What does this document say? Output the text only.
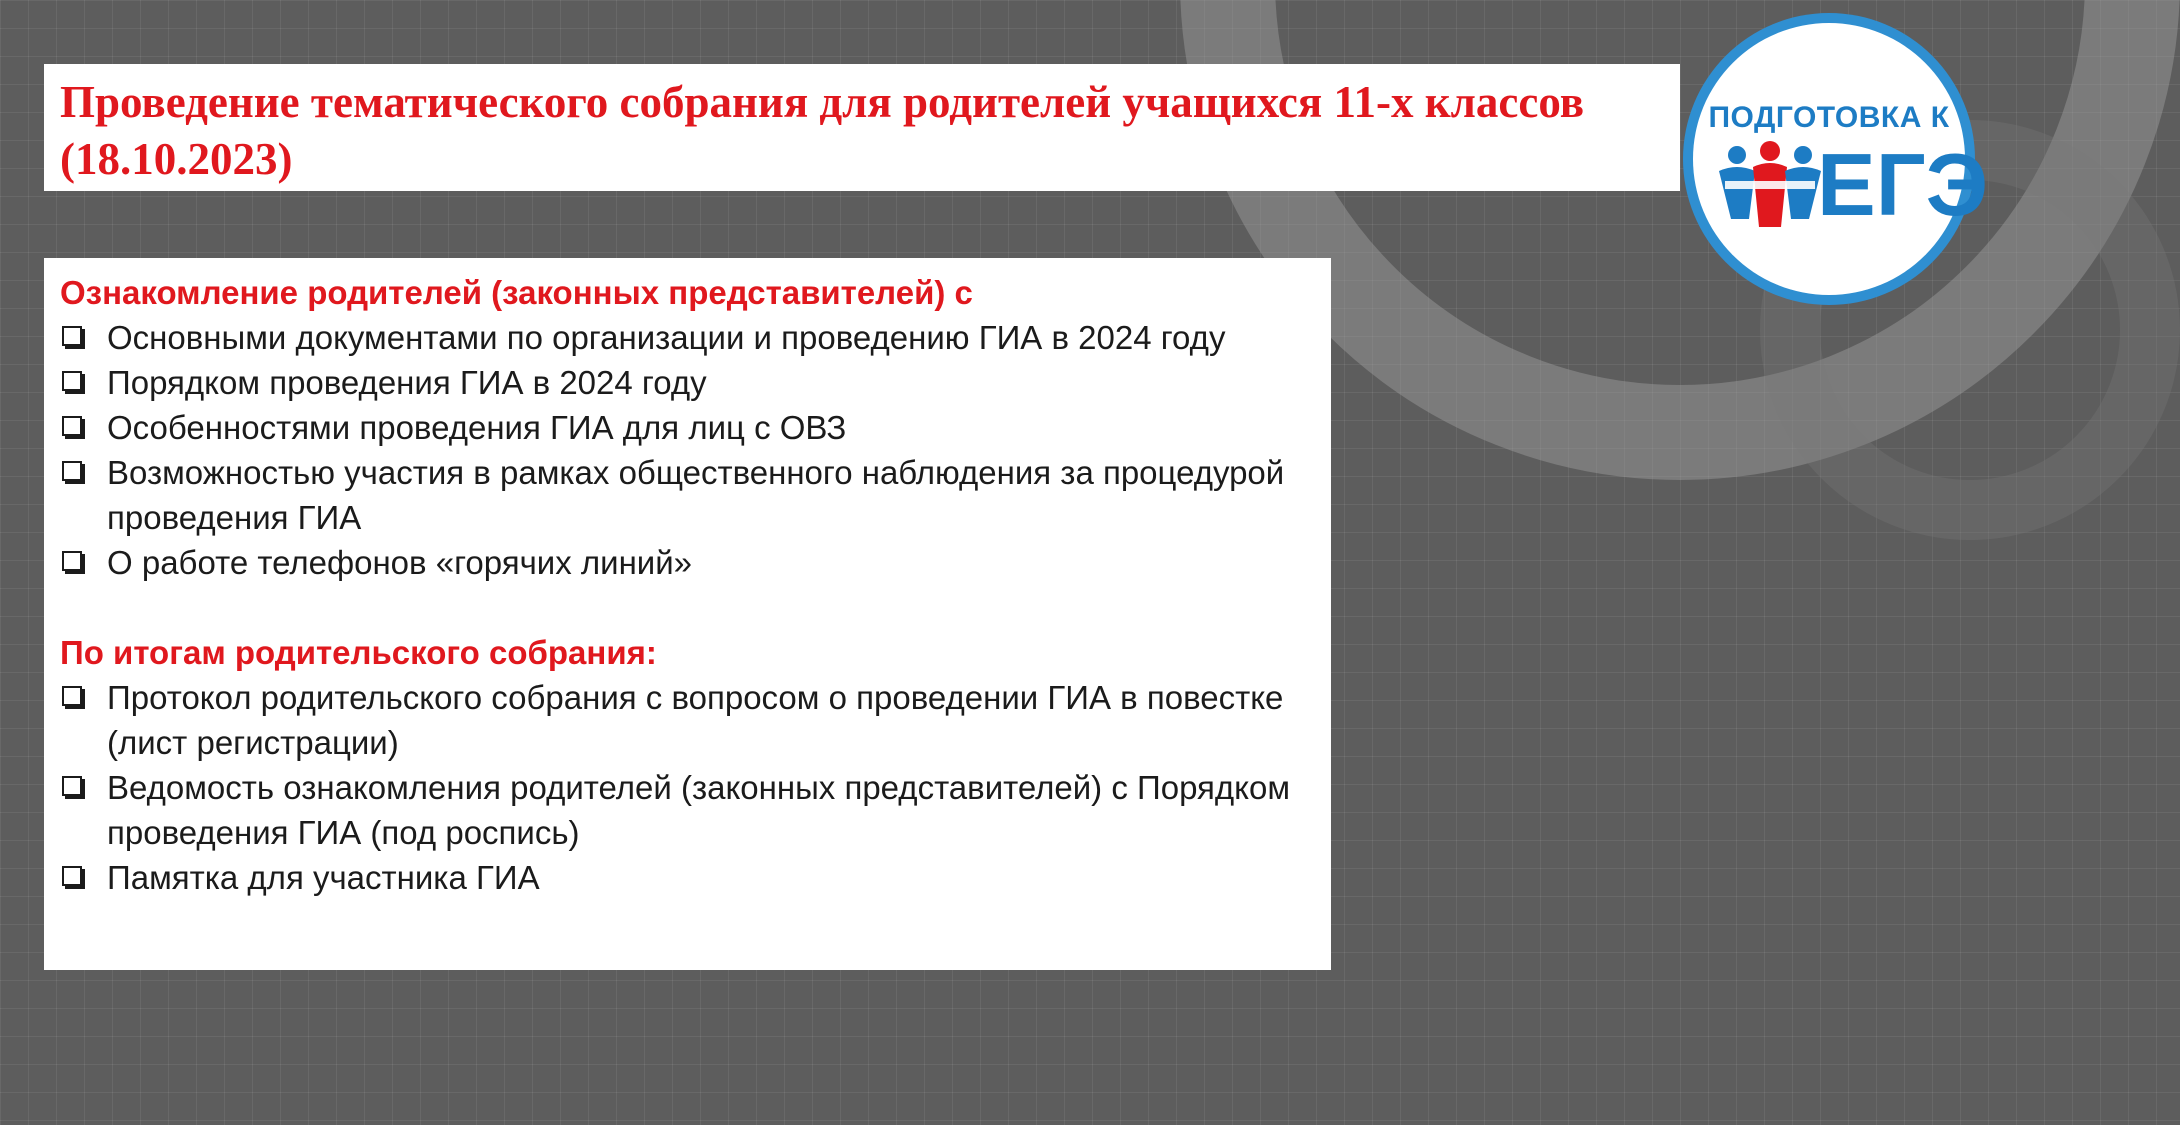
Проведение тематического собрания для родителей учащихся 11-х классов (18.10.2023)
ПОДГОТОВКА К
ЕГЭ

Ознакомление родителей (законных представителей) с

Основными документами по организации и проведению ГИА в 2024 году
Порядком проведения ГИА в 2024 году
Особенностями проведения ГИА для лиц с ОВЗ
Возможностью участия в рамках общественного наблюдения за процедурой проведения ГИА
О работе телефонов «горячих линий»

По итогам родительского собрания:

Протокол родительского собрания с вопросом о проведении ГИА в повестке (лист регистрации)
Ведомость ознакомления родителей (законных представителей) с Порядком проведения ГИА (под роспись)
Памятка для участника ГИА
